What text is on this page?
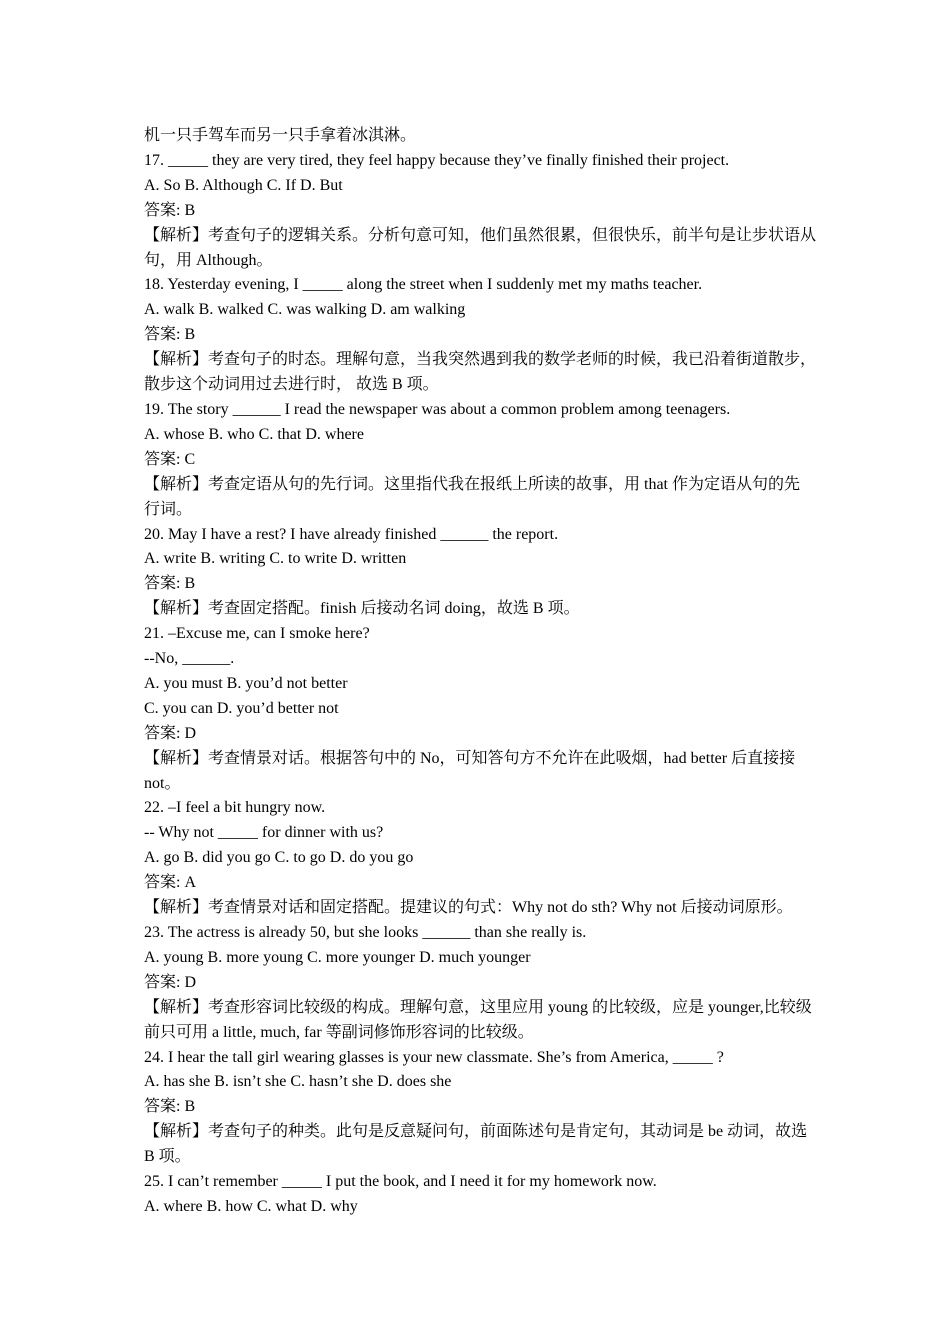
机一只手驾车而另一只手拿着冰淇淋。
17. _____ they are very tired, they feel happy because they’ve finally finished their project.
A. So B. Although C. If D. But
答案: B
【解析】考查句子的逻辑关系。分析句意可知，他们虽然很累，但很快乐，前半句是让步状语从
句，用 Although。
18. Yesterday evening, I _____ along the street when I suddenly met my maths teacher.
A. walk B. walked C. was walking D. am walking
答案: B
【解析】考查句子的时态。理解句意，当我突然遇到我的数学老师的时候，我已沿着街道散步，
散步这个动词用过去进行时， 故选 B 项。
19. The story ______ I read the newspaper was about a common problem among teenagers.
A. whose B. who C. that D. where
答案: C
【解析】考查定语从句的先行词。这里指代我在报纸上所读的故事，用 that 作为定语从句的先
行词。
20. May I have a rest? I have already finished ______ the report.
A. write B. writing C. to write D. written
答案: B
【解析】考查固定搭配。finish 后接动名词 doing，故选 B 项。
21. –Excuse me, can I smoke here?
--No, ______.
A. you must B. you’d not better
C. you can D. you’d better not
答案: D
【解析】考查情景对话。根据答句中的 No，可知答句方不允许在此吸烟，had better 后直接接
not。
22. –I feel a bit hungry now.
-- Why not _____ for dinner with us?
A. go B. did you go C. to go D. do you go
答案: A
【解析】考查情景对话和固定搭配。提建议的句式：Why not do sth? Why not 后接动词原形。
23. The actress is already 50, but she looks ______ than she really is.
A. young B. more young C. more younger D. much younger
答案: D
【解析】考查形容词比较级的构成。理解句意，这里应用 young 的比较级，应是 younger,比较级
前只可用 a little, much, far 等副词修饰形容词的比较级。
24. I hear the tall girl wearing glasses is your new classmate. She’s from America, _____ ?
A. has she B. isn’t she C. hasn’t she D. does she
答案: B
【解析】考查句子的种类。此句是反意疑问句，前面陈述句是肯定句，其动词是 be 动词，故选
B 项。
25. I can’t remember _____ I put the book, and I need it for my homework now.
A. where B. how C. what D. why
